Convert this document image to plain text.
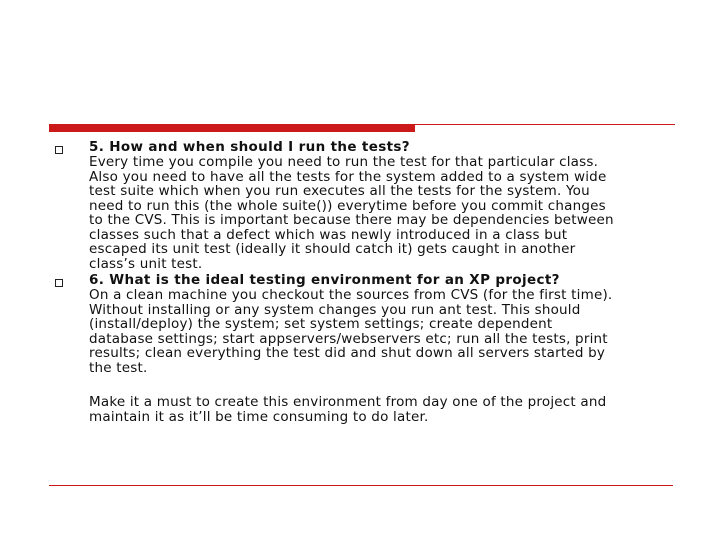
5. How and when should I run the tests?
Every time you compile you need to run the test for that particular class.
Also you need to have all the tests for the system added to a system wide
test suite which when you run executes all the tests for the system. You
need to run this (the whole suite()) everytime before you commit changes
to the CVS. This is important because there may be dependencies between
classes such that a defect which was newly introduced in a class but
escaped its unit test (ideally it should catch it) gets caught in another
class’s unit test.
6. What is the ideal testing environment for an XP project?
On a clean machine you checkout the sources from CVS (for the first time).
Without installing or any system changes you run ant test. This should
(install/deploy) the system; set system settings; create dependent
database settings; start appservers/webservers etc; run all the tests, print
results; clean everything the test did and shut down all servers started by
the test.
Make it a must to create this environment from day one of the project and
maintain it as it’ll be time consuming to do later.
